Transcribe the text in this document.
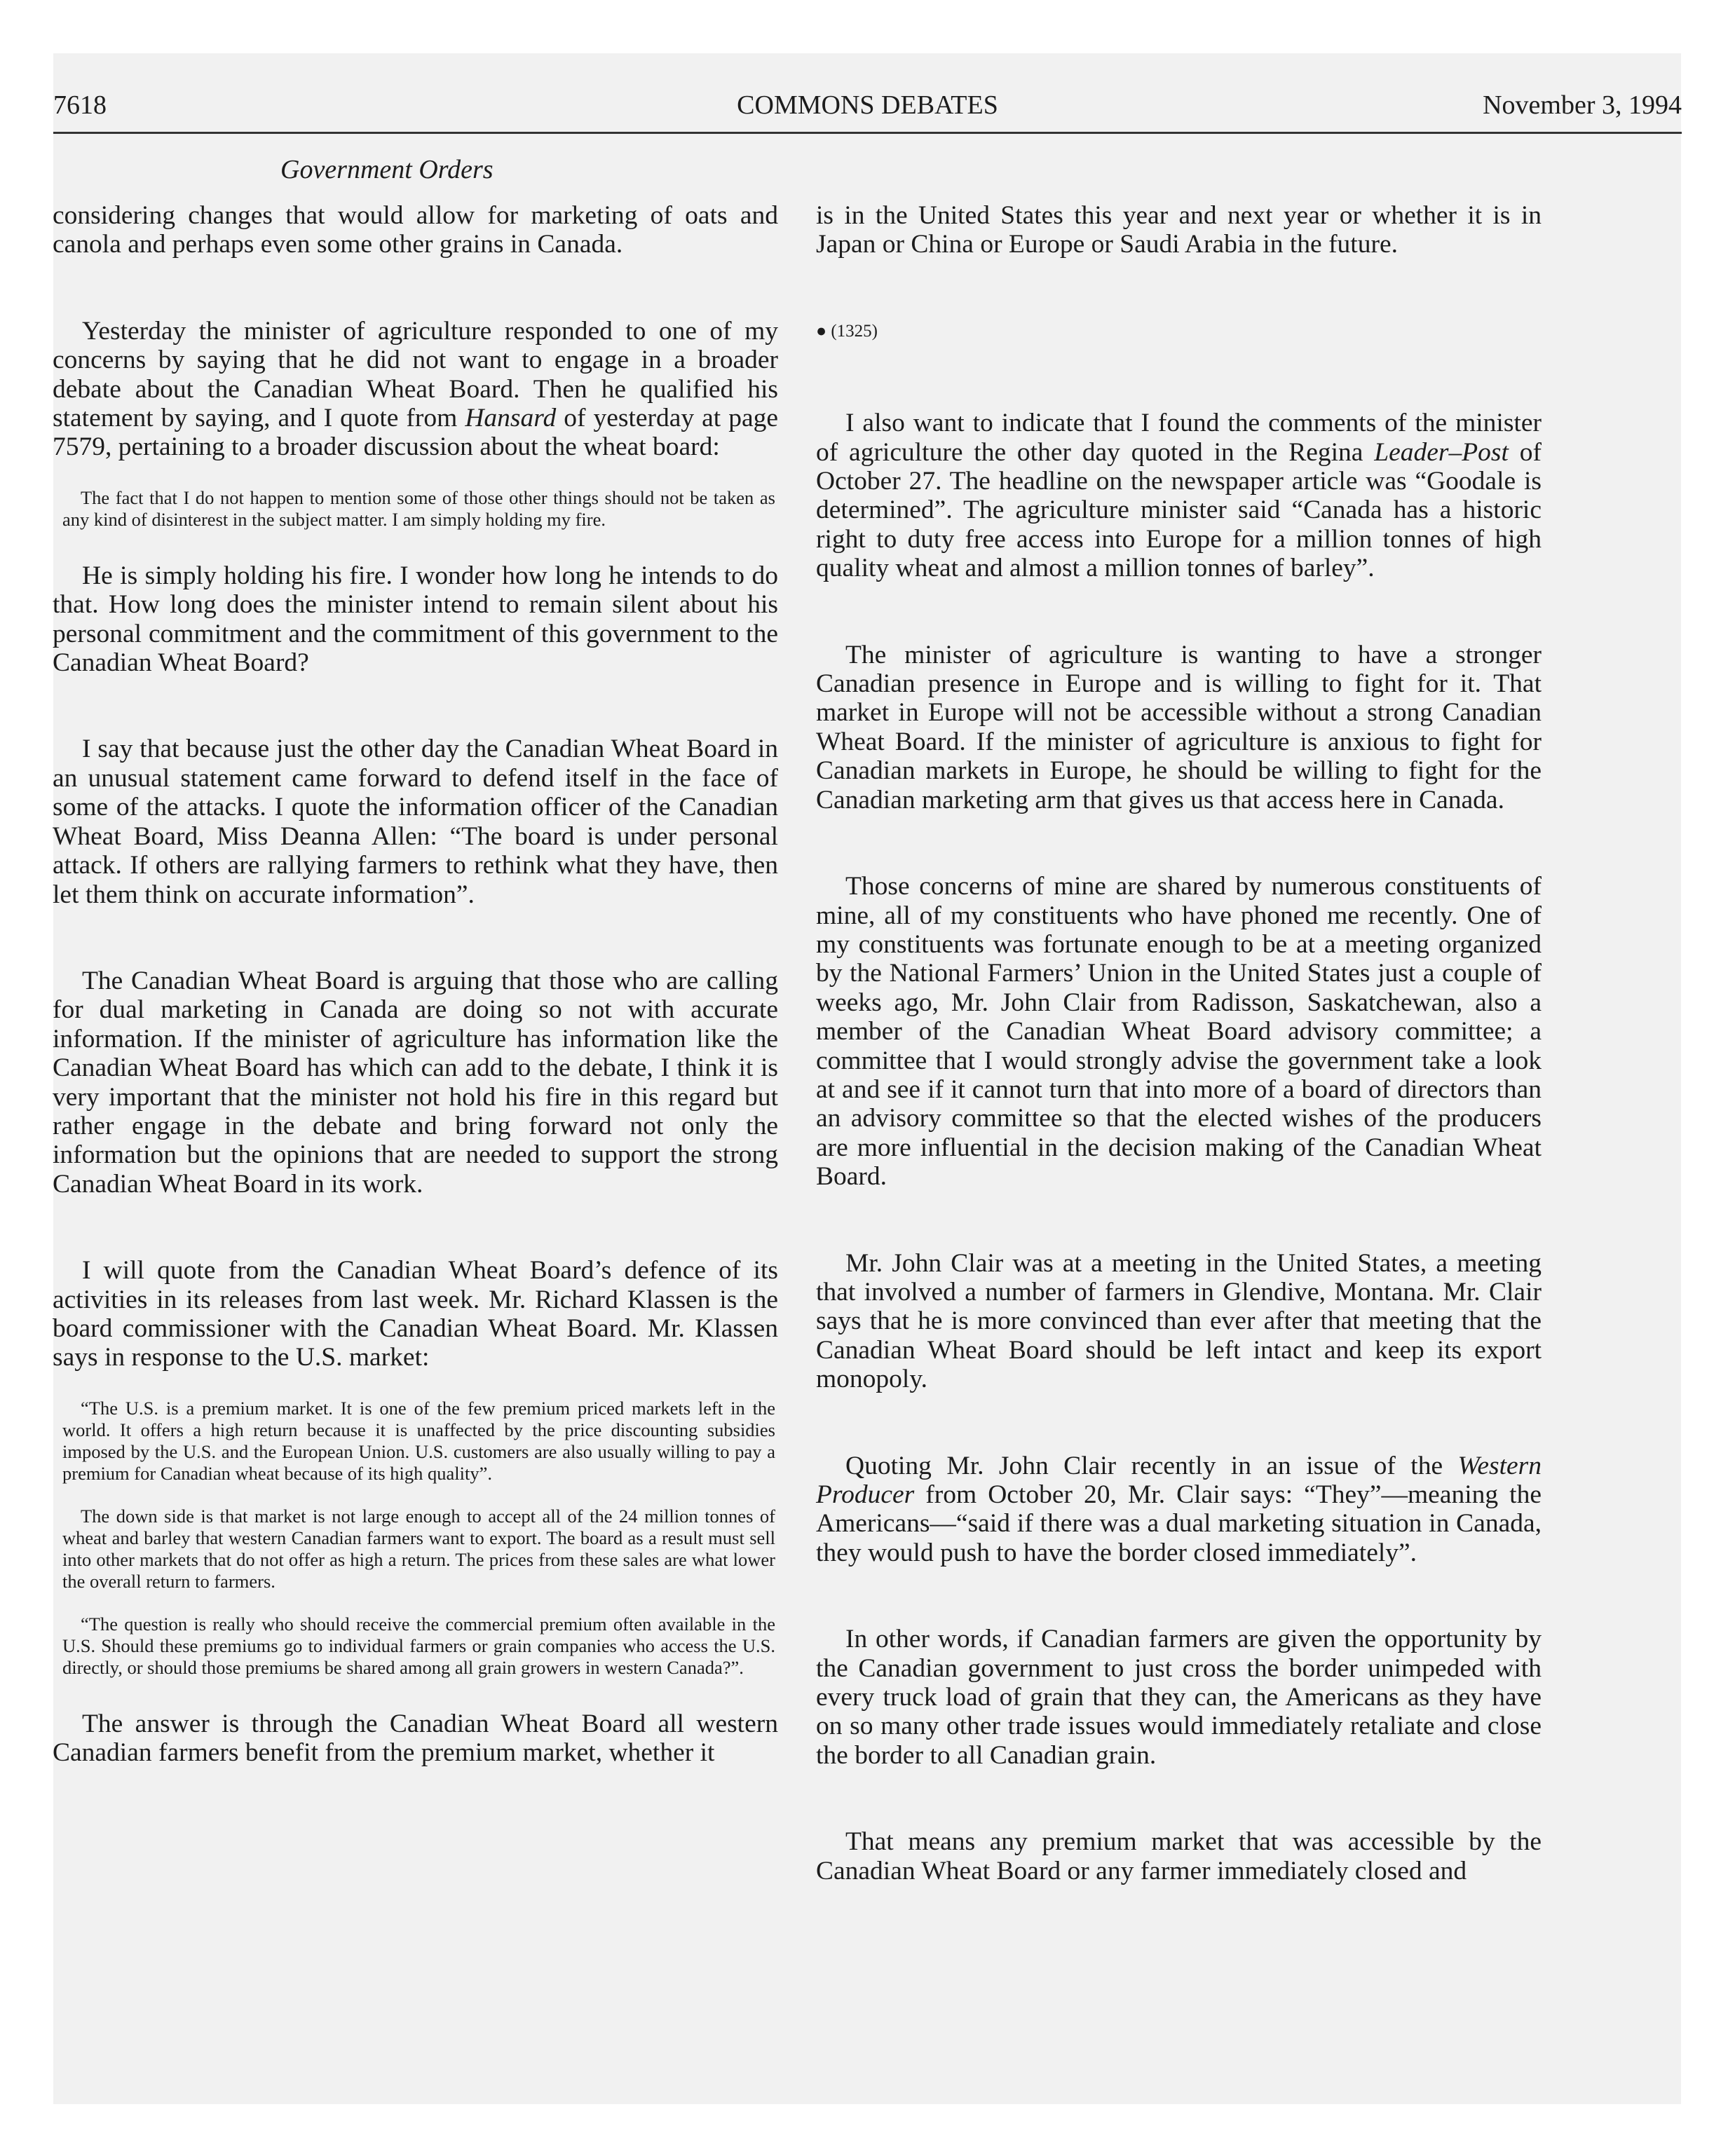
7618	COMMONS DEBATES	November 3, 1994
Government Orders

considering changes that would allow for marketing of oats and canola and perhaps even some other grains in Canada.

Yesterday the minister of agriculture responded to one of my concerns by saying that he did not want to engage in a broader debate about the Canadian Wheat Board. Then he qualified his statement by saying, and I quote from Hansard of yesterday at page 7579, pertaining to a broader discussion about the wheat board:

The fact that I do not happen to mention some of those other things should not be taken as any kind of disinterest in the subject matter. I am simply holding my fire.

He is simply holding his fire. I wonder how long he intends to do that. How long does the minister intend to remain silent about his personal commitment and the commitment of this government to the Canadian Wheat Board?

I say that because just the other day the Canadian Wheat Board in an unusual statement came forward to defend itself in the face of some of the attacks. I quote the information officer of the Canadian Wheat Board, Miss Deanna Allen: “The board is under personal attack. If others are rallying farmers to rethink what they have, then let them think on accurate information”.

The Canadian Wheat Board is arguing that those who are calling for dual marketing in Canada are doing so not with accurate information. If the minister of agriculture has information like the Canadian Wheat Board has which can add to the debate, I think it is very important that the minister not hold his fire in this regard but rather engage in the debate and bring forward not only the information but the opinions that are needed to support the strong Canadian Wheat Board in its work.

I will quote from the Canadian Wheat Board’s defence of its activities in its releases from last week. Mr. Richard Klassen is the board commissioner with the Canadian Wheat Board. Mr. Klassen says in response to the U.S. market:

“The U.S. is a premium market. It is one of the few premium priced markets left in the world. It offers a high return because it is unaffected by the price discounting subsidies imposed by the U.S. and the European Union. U.S. customers are also usually willing to pay a premium for Canadian wheat because of its high quality”.

The down side is that market is not large enough to accept all of the 24 million tonnes of wheat and barley that western Canadian farmers want to export. The board as a result must sell into other markets that do not offer as high a return. The prices from these sales are what lower the overall return to farmers.

“The question is really who should receive the commercial premium often available in the U.S. Should these premiums go to individual farmers or grain companies who access the U.S. directly, or should those premiums be shared among all grain growers in western Canada?”.

The answer is through the Canadian Wheat Board all western Canadian farmers benefit from the premium market, whether it

is in the United States this year and next year or whether it is in Japan or China or Europe or Saudi Arabia in the future.

● (1325)

I also want to indicate that I found the comments of the minister of agriculture the other day quoted in the Regina Leader–Post of October 27. The headline on the newspaper article was “Goodale is determined”. The agriculture minister said “Canada has a historic right to duty free access into Europe for a million tonnes of high quality wheat and almost a million tonnes of barley”.

The minister of agriculture is wanting to have a stronger Canadian presence in Europe and is willing to fight for it. That market in Europe will not be accessible without a strong Canadian Wheat Board. If the minister of agriculture is anxious to fight for Canadian markets in Europe, he should be willing to fight for the Canadian marketing arm that gives us that access here in Canada.

Those concerns of mine are shared by numerous constituents of mine, all of my constituents who have phoned me recently. One of my constituents was fortunate enough to be at a meeting organized by the National Farmers’ Union in the United States just a couple of weeks ago, Mr. John Clair from Radisson, Saskatchewan, also a member of the Canadian Wheat Board advisory committee; a committee that I would strongly advise the government take a look at and see if it cannot turn that into more of a board of directors than an advisory committee so that the elected wishes of the producers are more influential in the decision making of the Canadian Wheat Board.

Mr. John Clair was at a meeting in the United States, a meeting that involved a number of farmers in Glendive, Montana. Mr. Clair says that he is more convinced than ever after that meeting that the Canadian Wheat Board should be left intact and keep its export monopoly.

Quoting Mr. John Clair recently in an issue of the Western Producer from October 20, Mr. Clair says: “They”—meaning the Americans—“said if there was a dual marketing situation in Canada, they would push to have the border closed immediately”.

In other words, if Canadian farmers are given the opportunity by the Canadian government to just cross the border unimpeded with every truck load of grain that they can, the Americans as they have on so many other trade issues would immediately retaliate and close the border to all Canadian grain.

That means any premium market that was accessible by the Canadian Wheat Board or any farmer immediately closed and
